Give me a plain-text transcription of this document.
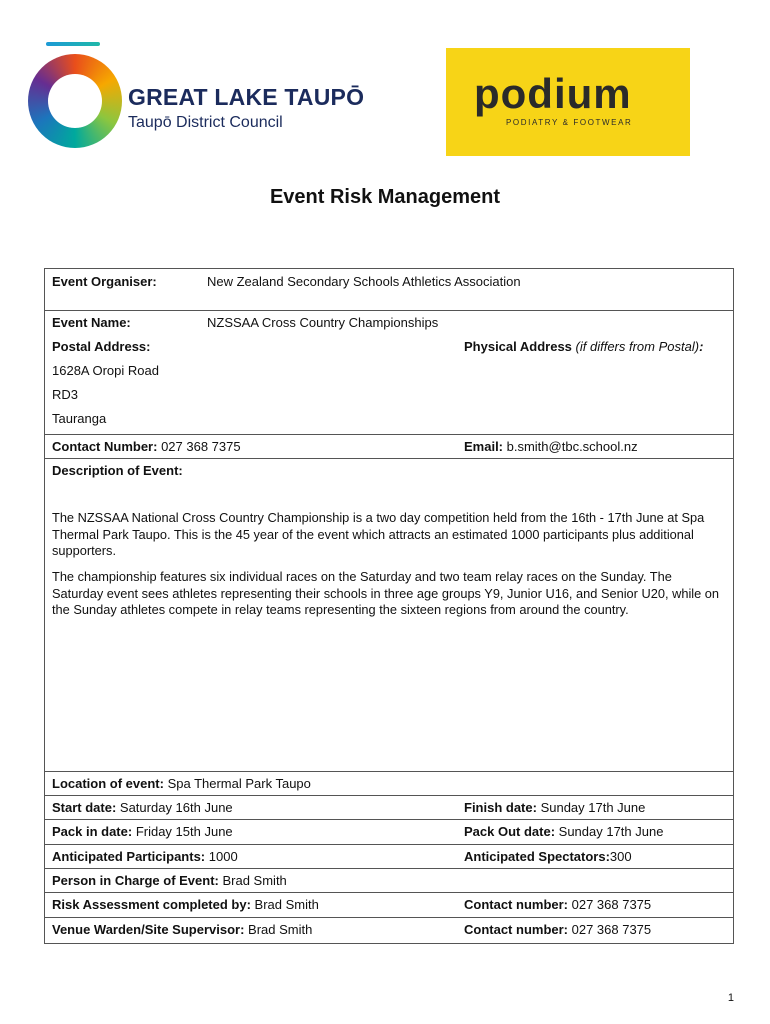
GREAT LAKE TAUPŌ
Taupō District Council
podium
PODIATRY & FOOTWEAR
Event Risk Management
Event Organiser:	New Zealand Secondary Schools Athletics Association
Event Name:	NZSSAA Cross Country Championships
Postal Address:
1628A Oropi Road
RD3
Tauranga
Physical Address (if differs from Postal):
Contact Number: 027 368 7375	Email: b.smith@tbc.school.nz
Description of Event:

The NZSSAA National Cross Country Championship is a two day competition held from the 16th - 17th June at Spa Thermal Park Taupo. This is the 45 year of the event which attracts an estimated 1000 participants plus additional supporters.

The championship features six individual races on the Saturday and two team relay races on the Sunday. The Saturday event sees athletes representing their schools in three age groups Y9, Junior U16, and Senior U20, while on the Sunday athletes compete in relay teams representing the sixteen regions from around the country.

Location of event: Spa Thermal Park Taupo
Start date: Saturday 16th June	Finish date: Sunday 17th June
Pack in date: Friday 15th June	Pack Out date: Sunday 17th June
Anticipated Participants: 1000	Anticipated Spectators:300
Person in Charge of Event: Brad Smith
Risk Assessment completed by: Brad Smith	Contact number: 027 368 7375
Venue Warden/Site Supervisor: Brad Smith	Contact number: 027 368 7375
1
